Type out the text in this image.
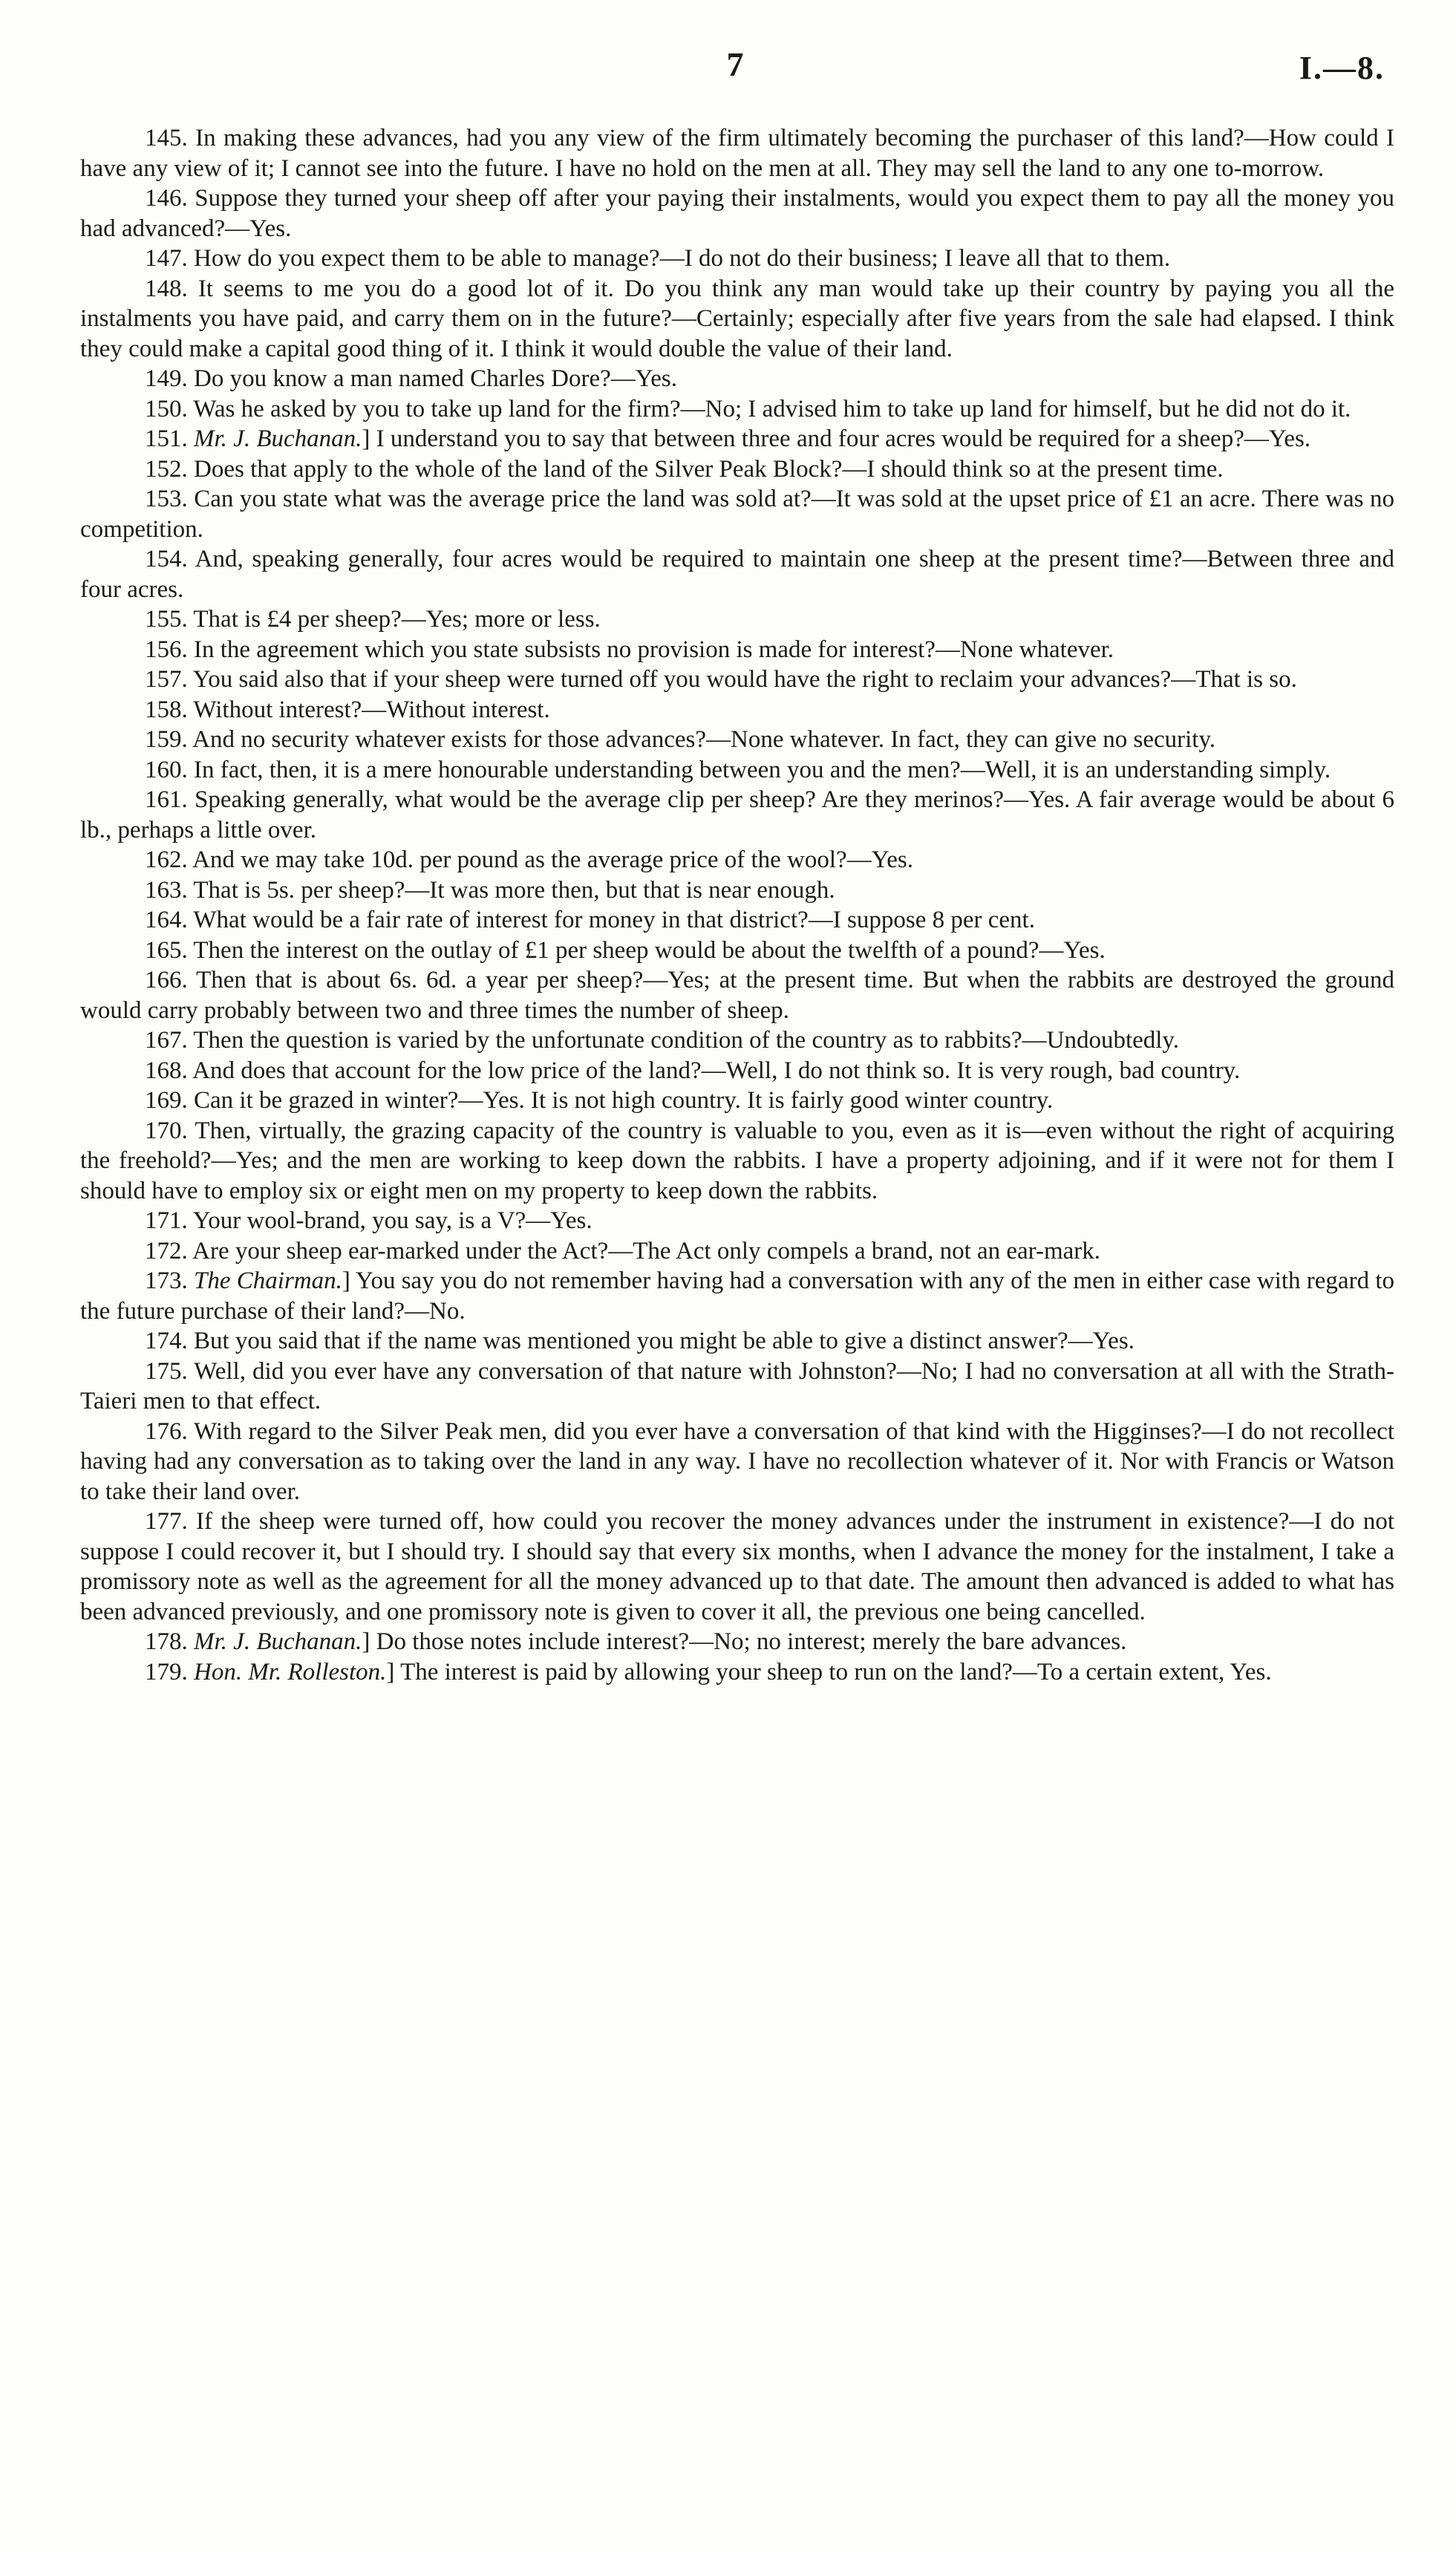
7	I.—8.

145. In making these advances, had you any view of the firm ultimately becoming the purchaser of this land?—How could I have any view of it; I cannot see into the future. I have no hold on the men at all. They may sell the land to any one to-morrow.

146. Suppose they turned your sheep off after your paying their instalments, would you expect them to pay all the money you had advanced?—Yes.

147. How do you expect them to be able to manage?—I do not do their business; I leave all that to them.

148. It seems to me you do a good lot of it. Do you think any man would take up their country by paying you all the instalments you have paid, and carry them on in the future?—Certainly; especially after five years from the sale had elapsed. I think they could make a capital good thing of it. I think it would double the value of their land.

149. Do you know a man named Charles Dore?—Yes.

150. Was he asked by you to take up land for the firm?—No; I advised him to take up land for himself, but he did not do it.

151. Mr. J. Buchanan.] I understand you to say that between three and four acres would be required for a sheep?—Yes.

152. Does that apply to the whole of the land of the Silver Peak Block?—I should think so at the present time.

153. Can you state what was the average price the land was sold at?—It was sold at the upset price of £1 an acre. There was no competition.

154. And, speaking generally, four acres would be required to maintain one sheep at the present time?—Between three and four acres.

155. That is £4 per sheep?—Yes; more or less.

156. In the agreement which you state subsists no provision is made for interest?—None whatever.

157. You said also that if your sheep were turned off you would have the right to reclaim your advances?—That is so.

158. Without interest?—Without interest.

159. And no security whatever exists for those advances?—None whatever. In fact, they can give no security.

160. In fact, then, it is a mere honourable understanding between you and the men?—Well, it is an understanding simply.

161. Speaking generally, what would be the average clip per sheep? Are they merinos?—Yes. A fair average would be about 6 lb., perhaps a little over.

162. And we may take 10d. per pound as the average price of the wool?—Yes.

163. That is 5s. per sheep?—It was more then, but that is near enough.

164. What would be a fair rate of interest for money in that district?—I suppose 8 per cent.

165. Then the interest on the outlay of £1 per sheep would be about the twelfth of a pound?—Yes.

166. Then that is about 6s. 6d. a year per sheep?—Yes; at the present time. But when the rabbits are destroyed the ground would carry probably between two and three times the number of sheep.

167. Then the question is varied by the unfortunate condition of the country as to rabbits?—Undoubtedly.

168. And does that account for the low price of the land?—Well, I do not think so. It is very rough, bad country.

169. Can it be grazed in winter?—Yes. It is not high country. It is fairly good winter country.

170. Then, virtually, the grazing capacity of the country is valuable to you, even as it is—even without the right of acquiring the freehold?—Yes; and the men are working to keep down the rabbits. I have a property adjoining, and if it were not for them I should have to employ six or eight men on my property to keep down the rabbits.

171. Your wool-brand, you say, is a V?—Yes.

172. Are your sheep ear-marked under the Act?—The Act only compels a brand, not an ear-mark.

173. The Chairman.] You say you do not remember having had a conversation with any of the men in either case with regard to the future purchase of their land?—No.

174. But you said that if the name was mentioned you might be able to give a distinct answer?—Yes.

175. Well, did you ever have any conversation of that nature with Johnston?—No; I had no conversation at all with the Strath-Taieri men to that effect.

176. With regard to the Silver Peak men, did you ever have a conversation of that kind with the Higginses?—I do not recollect having had any conversation as to taking over the land in any way. I have no recollection whatever of it. Nor with Francis or Watson to take their land over.

177. If the sheep were turned off, how could you recover the money advances under the instrument in existence?—I do not suppose I could recover it, but I should try. I should say that every six months, when I advance the money for the instalment, I take a promissory note as well as the agreement for all the money advanced up to that date. The amount then advanced is added to what has been advanced previously, and one promissory note is given to cover it all, the previous one being cancelled.

178. Mr. J. Buchanan.] Do those notes include interest?—No; no interest; merely the bare advances.

179. Hon. Mr. Rolleston.] The interest is paid by allowing your sheep to run on the land?—To a certain extent, Yes.
